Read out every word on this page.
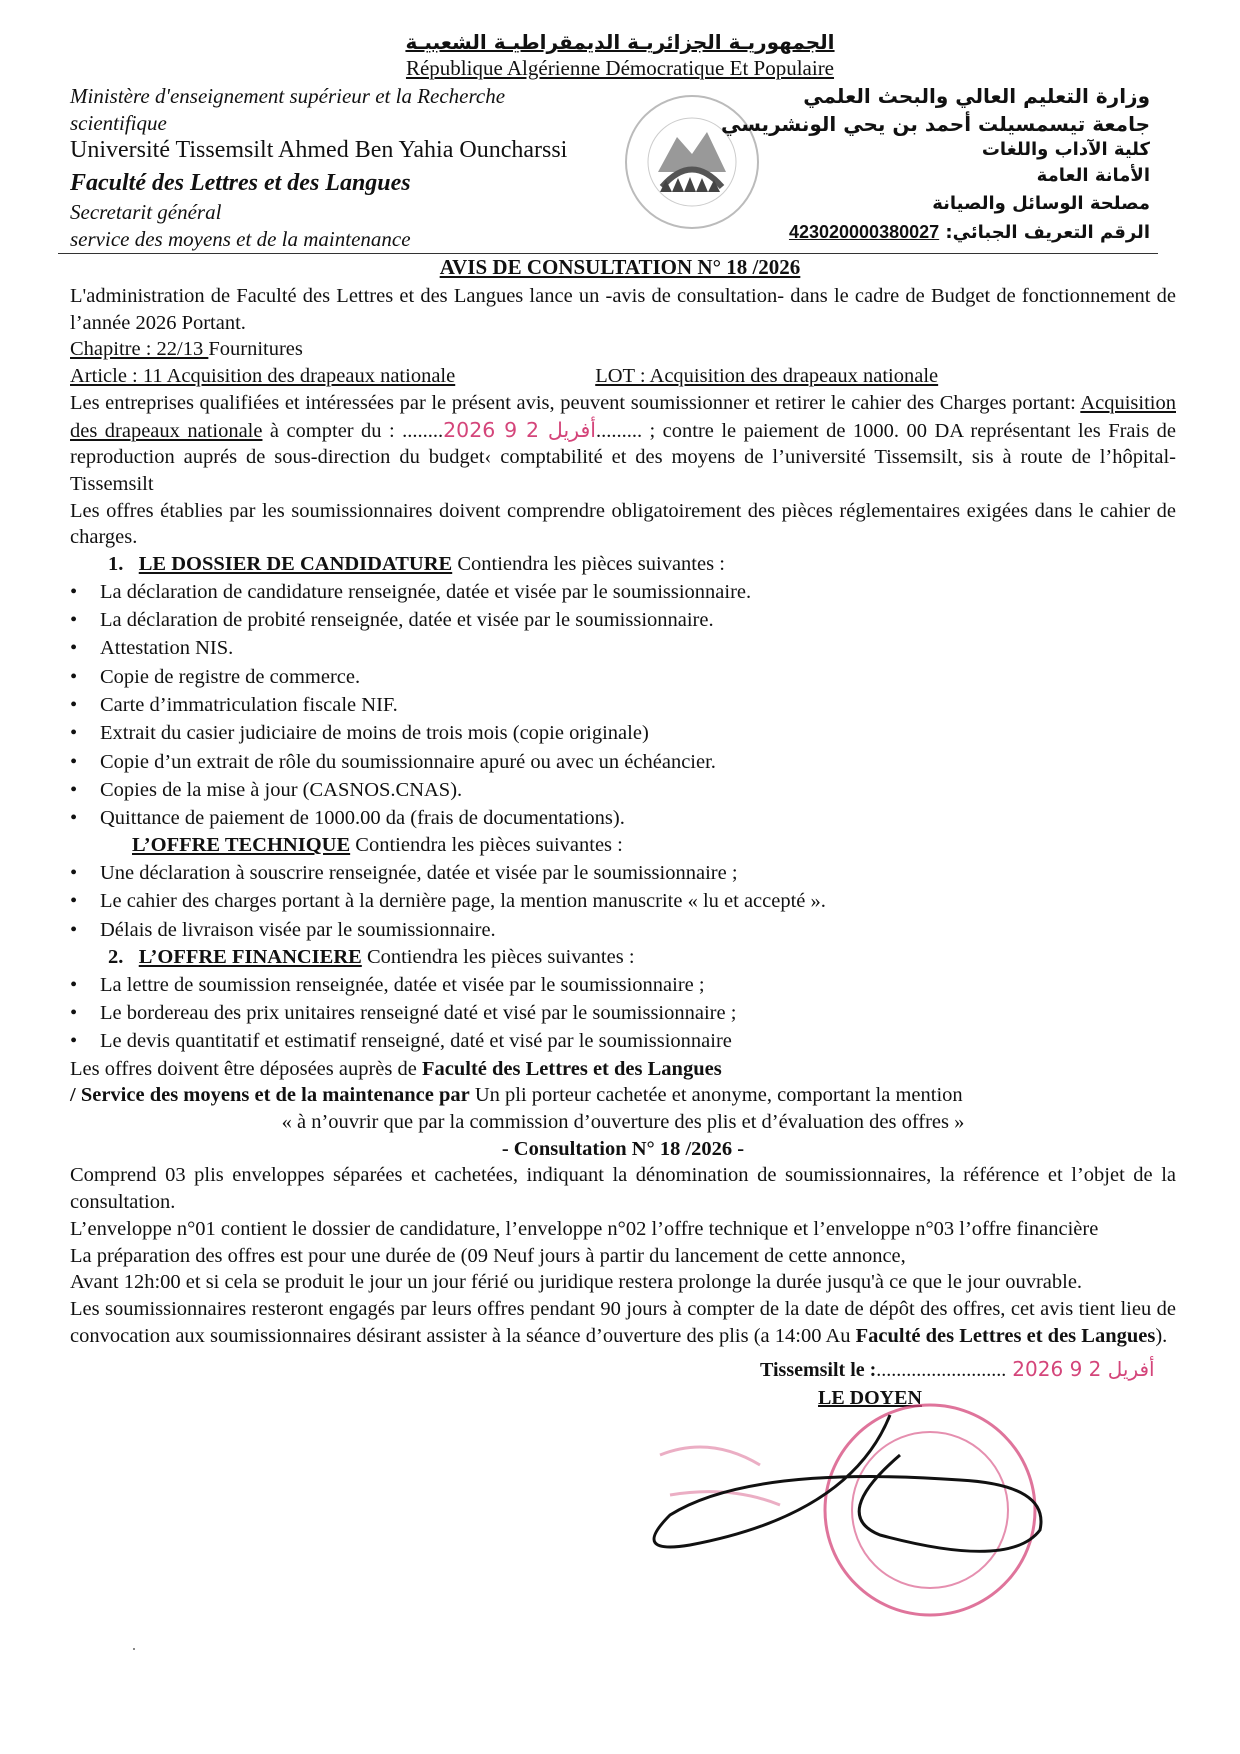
الجمهوريـة الجزائريـة الديمقراطيـة الشعبيـة
République Algérienne Démocratique Et Populaire
Ministère d'enseignement supérieur et la Recherche
scientifique
Université Tissemsilt Ahmed Ben Yahia Ouncharssi
Faculté des Lettres et des Langues
Secretarit général
service des moyens et de la maintenance
وزارة التعليم العالي والبحث العلمي
جامعة تيسمسيلت أحمد بن يحي الونشريسي
كلية الآداب واللغات
الأمانة العامة
مصلحة الوسائل والصيانة
الرقم التعريف الجبائي: 423020000380027
AVIS DE CONSULTATION N° 18 /2026

L'administration de Faculté des Lettres et des Langues lance un -avis de consultation- dans le cadre de Budget de fonctionnement de l’année 2026 Portant.

Chapitre : 22/13 Fournitures

Article : 11 Acquisition des drapeaux nationale	LOT : Acquisition des drapeaux nationale

Les entreprises qualifiées et intéressées par le présent avis, peuvent soumissionner et retirer le cahier des Charges portant: Acquisition des drapeaux nationale à compter du : ........2026 أفريل 2 9......... ; contre le paiement de 1000. 00 DA représentant les Frais de reproduction auprés de sous-direction du budget‹ comptabilité et des moyens de l’université Tissemsilt, sis à route de l’hôpital-Tissemsilt

Les offres établies par les soumissionnaires doivent comprendre obligatoirement des pièces réglementaires exigées dans le cahier de charges.

1. LE DOSSIER DE CANDIDATURE Contiendra les pièces suivantes :

• La déclaration de candidature renseignée, datée et visée par le soumissionnaire.
• La déclaration de probité renseignée, datée et visée par le soumissionnaire.
• Attestation NIS.
• Copie de registre de commerce.
• Carte d’immatriculation fiscale NIF.
• Extrait du casier judiciaire de moins de trois mois (copie originale)
• Copie d’un extrait de rôle du soumissionnaire apuré ou avec un échéancier.
• Copies de la mise à jour (CASNOS.CNAS).
• Quittance de paiement de 1000.00 da (frais de documentations).

L’OFFRE TECHNIQUE Contiendra les pièces suivantes :

• Une déclaration à souscrire renseignée, datée et visée par le soumissionnaire ;
• Le cahier des charges portant à la dernière page, la mention manuscrite « lu et accepté ».
• Délais de livraison visée par le soumissionnaire.

2. L’OFFRE FINANCIERE Contiendra les pièces suivantes :

• La lettre de soumission renseignée, datée et visée par le soumissionnaire ;
• Le bordereau des prix unitaires renseigné daté et visé par le soumissionnaire ;
• Le devis quantitatif et estimatif renseigné, daté et visé par le soumissionnaire

Les offres doivent être déposées auprès de Faculté des Lettres et des Langues

/ Service des moyens et de la maintenance par Un pli porteur cachetée et anonyme, comportant la mention

« à n’ouvrir que par la commission d’ouverture des plis et d’évaluation des offres »

- Consultation N° 18 /2026 -

Comprend 03 plis enveloppes séparées et cachetées, indiquant la dénomination de soumissionnaires, la référence et l’objet de la consultation.

L’enveloppe n°01 contient le dossier de candidature, l’enveloppe n°02 l’offre technique et l’enveloppe n°03 l’offre financière

La préparation des offres est pour une durée de (09 Neuf jours à partir du lancement de cette annonce,

Avant 12h:00 et si cela se produit le jour un jour férié ou juridique restera prolonge la durée jusqu'à ce que le jour ouvrable.

Les soumissionnaires resteront engagés par leurs offres pendant 90 jours à compter de la date de dépôt des offres, cet avis tient lieu de convocation aux soumissionnaires désirant assister à la séance d’ouverture des plis (a 14:00 Au Faculté des Lettres et des Langues).

Tissemsilt le :.......................... 2026 أفريل 2 9
LE DOYEN
